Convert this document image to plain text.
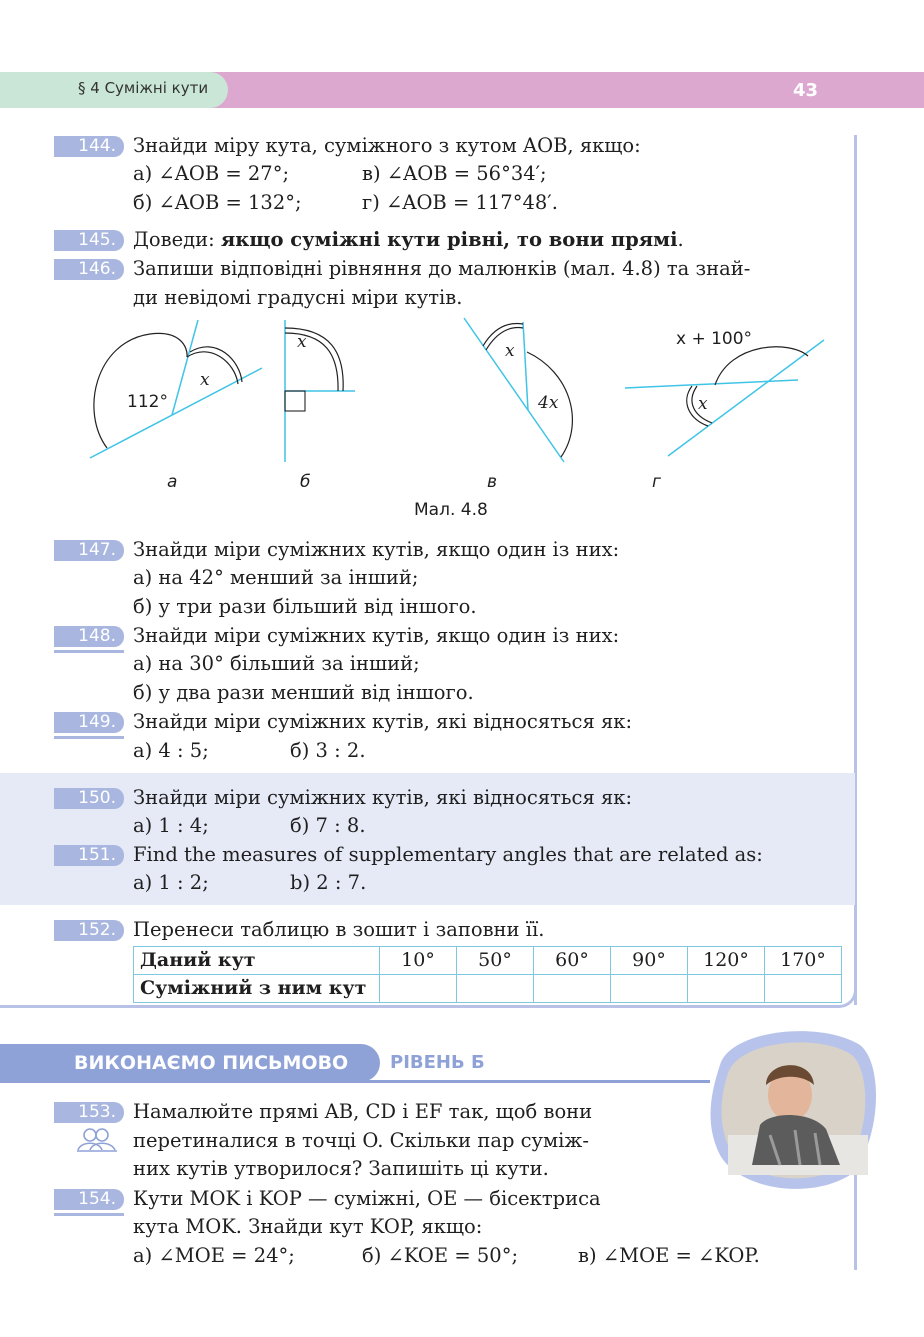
§ 4 Суміжні кути	43
144. Знайди міру кута, суміжного з кутом AOB, якщо:
а) ∠AOB = 27°;	в) ∠AOB = 56°34′;
б) ∠AOB = 132°;	г) ∠AOB = 117°48′.
145. Доведи: якщо суміжні кути рівні, то вони прямі.
146. Запиши відповідні рівняння до малюнків (мал. 4.8) та знай-
ди невідомі градусні міри кутів.
112°
x
x	x
4x
x + 100°
x
а	б	в	г
Мал. 4.8
147. Знайди міри суміжних кутів, якщо один із них:
а) на 42° менший за інший;
б) у три рази більший від іншого.
148. Знайди міри суміжних кутів, якщо один із них:
а) на 30° більший за інший;
б) у два рази менший від іншого.
149. Знайди міри суміжних кутів, які відносяться як:
а) 4 : 5;	б) 3 : 2.
150. Знайди міри суміжних кутів, які відносяться як:
а) 1 : 4;	б) 7 : 8.
151. Find the measures of supplementary angles that are related as:
а) 1 : 2;	b) 2 : 7.
152. Перенеси таблицю в зошит і заповни її.
Даний кут	10°	50°	60°	90°	120°	170°
Суміжний з ним кут						
ВИКОНАЄМО ПИСЬМОВО РІВЕНЬ Б
153. Намалюйте прямі AB, CD і EF так, щоб вони
перетиналися в точці O. Скільки пар суміж-
них кутів утворилося? Запишіть ці кути.
154. Кути MOK і KOP — суміжні, OE — бісектриса
кута MOK. Знайди кут KOP, якщо:
а) ∠MOE = 24°;	б) ∠KOE = 50°;	в) ∠MOE = ∠KOP.
